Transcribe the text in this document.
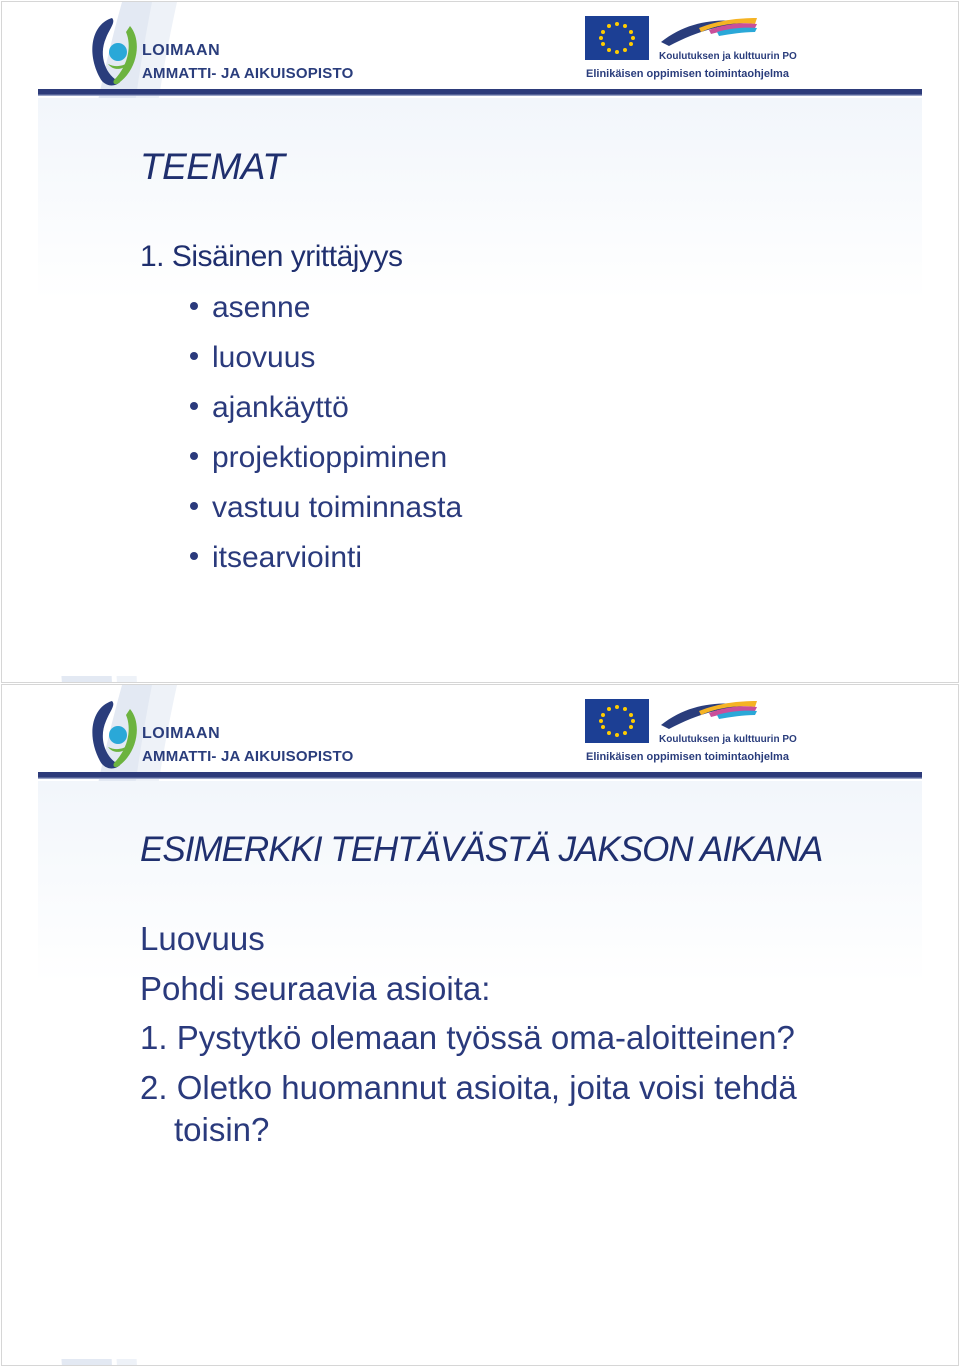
LOIMAAN
AMMATTI- JA AIKUISOPISTO
Koulutuksen ja kulttuurin PO
Elinikäisen oppimisen toimintaohjelma
TEEMAT

1. Sisäinen yrittäjyys

asenne
luovuus
ajankäyttö
projektioppiminen
vastuu toiminnasta
itsearviointi
LOIMAAN
AMMATTI- JA AIKUISOPISTO
Koulutuksen ja kulttuurin PO
Elinikäisen oppimisen toimintaohjelma
ESIMERKKI TEHTÄVÄSTÄ JAKSON AIKANA

Luovuus

Pohdi seuraavia asioita:

1. Pystytkö olemaan työssä oma-aloitteinen?

2. Oletko huomannut asioita, joita voisi tehdä

toisin?
